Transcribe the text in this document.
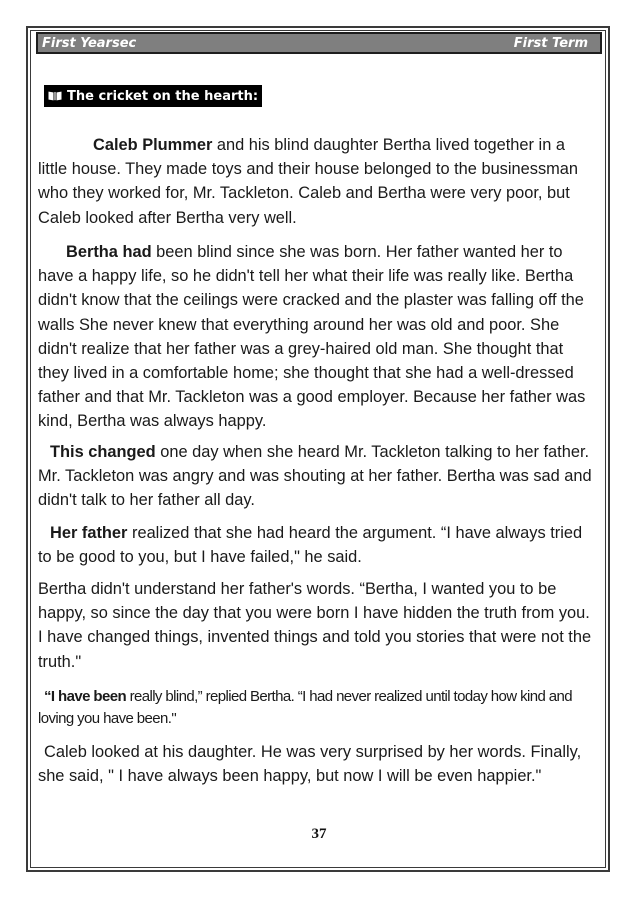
First Yearsec	First Term
The cricket on the hearth:

Caleb Plummer and his blind daughter Bertha lived together in a little house. They made toys and their house belonged to the businessman who they worked for, Mr. Tackleton. Caleb and Bertha were very poor, but Caleb looked after Bertha very well.

Bertha had been blind since she was born. Her father wanted her to have a happy life, so he didn't tell her what their life was really like. Bertha didn't know that the ceilings were cracked and the plaster was falling off the walls She never knew that everything around her was old and poor. She didn't realize that her father was a grey-haired old man. She thought that they lived in a comfortable home; she thought that she had a well-dressed father and that Mr. Tackleton was a good employer. Because her father was kind, Bertha was always happy.

This changed one day when she heard Mr. Tackleton talking to her father. Mr. Tackleton was angry and was shouting at her father. Bertha was sad and didn't talk to her father all day.

Her father realized that she had heard the argument. “I have always tried to be good to you, but I have failed," he said.

Bertha didn't understand her father's words. “Bertha, I wanted you to be happy, so since the day that you were born I have hidden the truth from you. I have changed things, invented things and told you stories that were not the truth."

“I have been really blind,” replied Bertha. “I had never realized until today how kind and loving you have been."

Caleb looked at his daughter. He was very surprised by her words. Finally, she said, " I have always been happy, but now I will be even happier."

37
